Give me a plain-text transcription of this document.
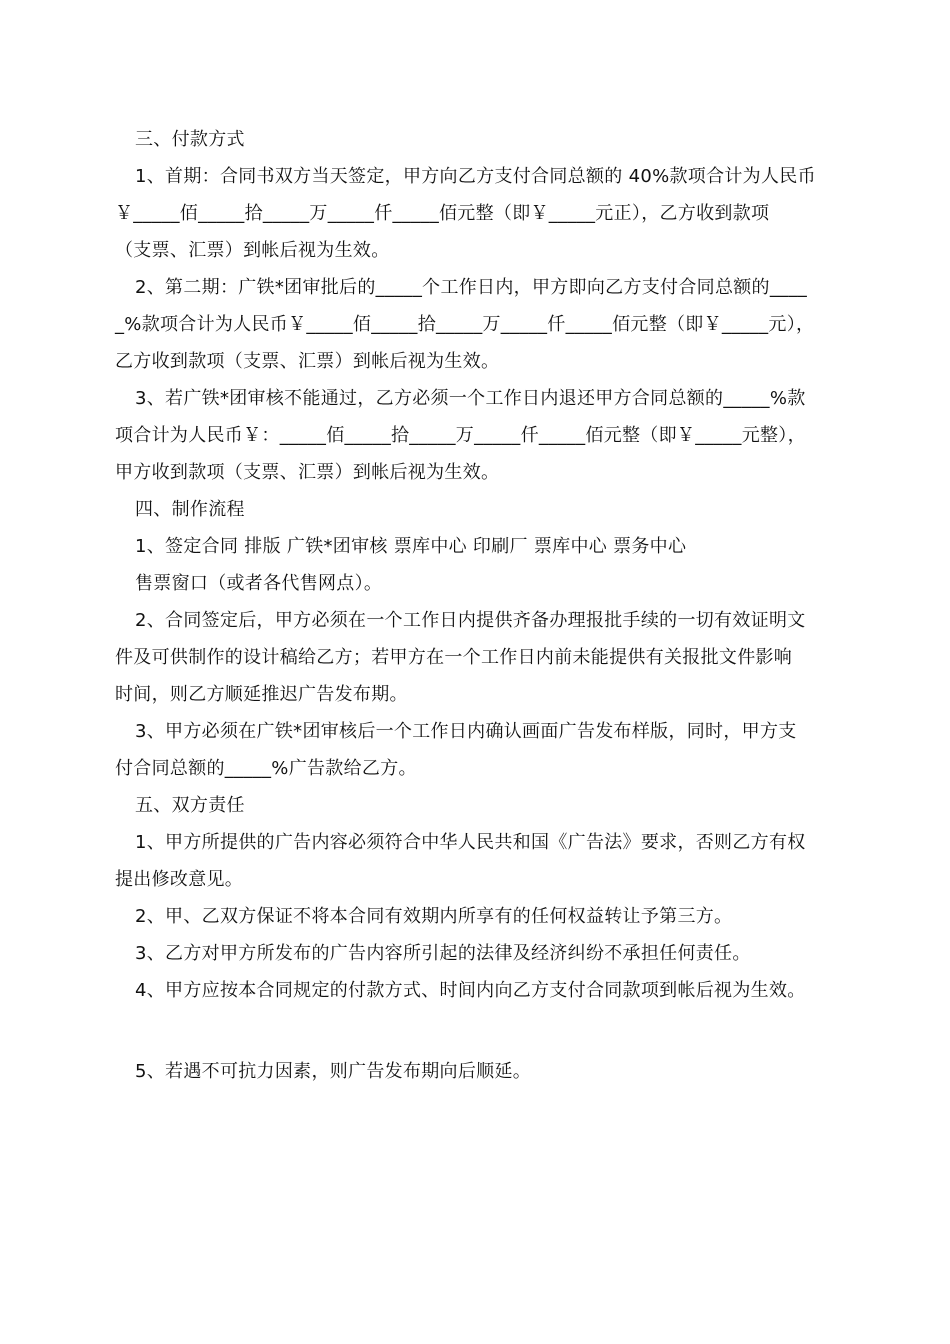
三、付款方式
1、首期：合同书双方当天签定，甲方向乙方支付合同总额的 40%款项合计为人民币
￥_____佰_____拾_____万_____仟_____佰元整（即￥_____元正），乙方收到款项
（支票、汇票）到帐后视为生效。
2、第二期：广铁*团审批后的_____个工作日内，甲方即向乙方支付合同总额的____
_%款项合计为人民币￥_____佰_____拾_____万_____仟_____佰元整（即￥_____元），
乙方收到款项（支票、汇票）到帐后视为生效。
3、若广铁*团审核不能通过，乙方必须一个工作日内退还甲方合同总额的_____%款
项合计为人民币￥：_____佰_____拾_____万_____仟_____佰元整（即￥_____元整），
甲方收到款项（支票、汇票）到帐后视为生效。
四、制作流程
1、签定合同 排版 广铁*团审核 票库中心 印刷厂 票库中心 票务中心
售票窗口（或者各代售网点）。
2、合同签定后，甲方必须在一个工作日内提供齐备办理报批手续的一切有效证明文
件及可供制作的设计稿给乙方；若甲方在一个工作日内前未能提供有关报批文件影响
时间，则乙方顺延推迟广告发布期。
3、甲方必须在广铁*团审核后一个工作日内确认画面广告发布样版，同时，甲方支
付合同总额的_____%广告款给乙方。
五、双方责任
1、甲方所提供的广告内容必须符合中华人民共和国《广告法》要求，否则乙方有权
提出修改意见。
2、甲、乙双方保证不将本合同有效期内所享有的任何权益转让予第三方。
3、乙方对甲方所发布的广告内容所引起的法律及经济纠纷不承担任何责任。
4、甲方应按本合同规定的付款方式、时间内向乙方支付合同款项到帐后视为生效。
5、若遇不可抗力因素，则广告发布期向后顺延。
